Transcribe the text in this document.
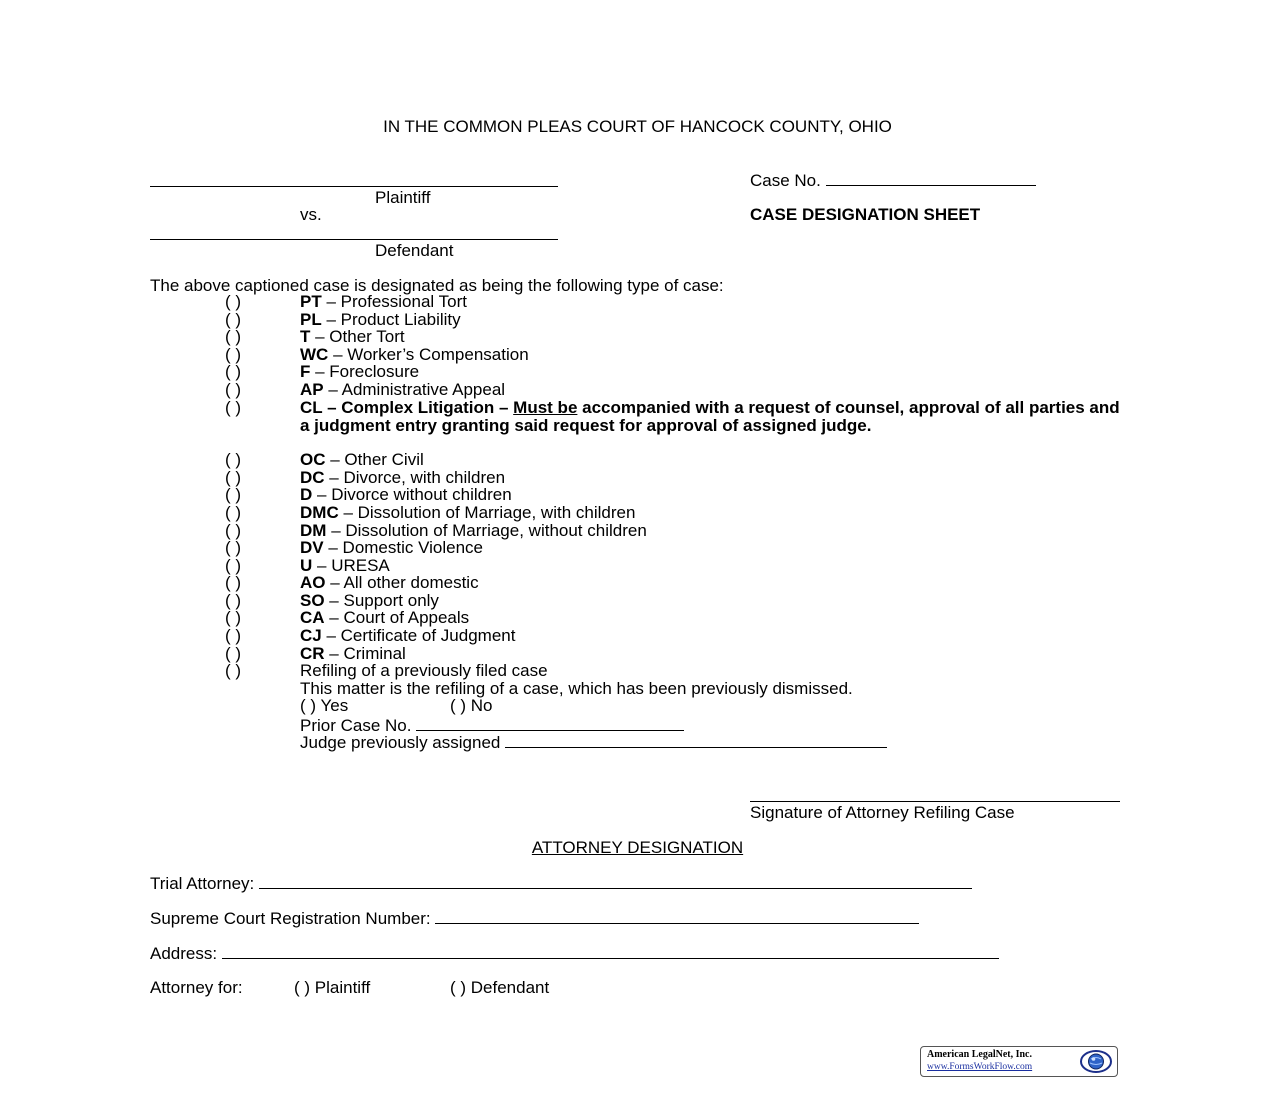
IN THE COMMON PLEAS COURT OF HANCOCK COUNTY, OHIO
Plaintiff
vs.
Defendant
Case No.
CASE DESIGNATION SHEET
The above captioned case is designated as being the following type of case:
( )	PT – Professional Tort
( )	PL – Product Liability
( )	T – Other Tort
( )	WC – Worker’s Compensation
( )	F – Foreclosure
( )	AP – Administrative Appeal
( )	CL – Complex Litigation – Must be accompanied with a request of counsel, approval of all parties and a judgment entry granting said request for approval of assigned judge.
( )	OC – Other Civil
( )	DC – Divorce, with children
( )	D – Divorce without children
( )	DMC – Dissolution of Marriage, with children
( )	DM – Dissolution of Marriage, without children
( )	DV – Domestic Violence
( )	U – URESA
( )	AO – All other domestic
( )	SO – Support only
( )	CA – Court of Appeals
( )	CJ – Certificate of Judgment
( )	CR – Criminal
( )	Refiling of a previously filed case
This matter is the refiling of a case, which has been previously dismissed.
( ) Yes	( ) No
Prior Case No.
Judge previously assigned
Signature of Attorney Refiling Case
ATTORNEY DESIGNATION
Trial Attorney:
Supreme Court Registration Number:
Address:
Attorney for:	( ) Plaintiff	( ) Defendant
American LegalNet, Inc.
www.FormsWorkFlow.com
